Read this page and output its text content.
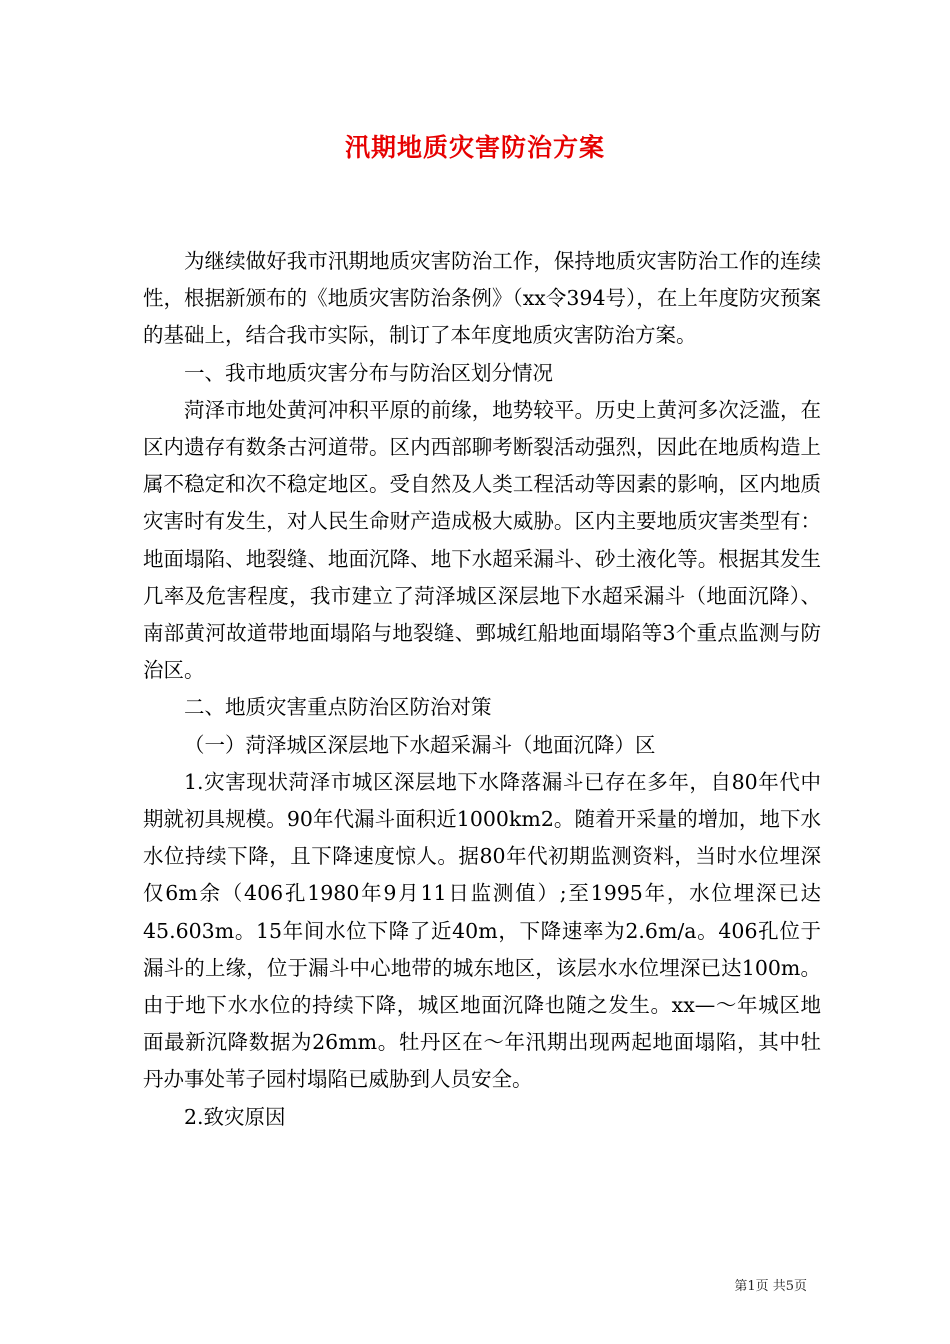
汛期地质灾害防治方案

为继续做好我市汛期地质灾害防治工作，保持地质灾害防治工作的连续性，根据新颁布的《地质灾害防治条例》（xx令394号），在上年度防灾预案的基础上，结合我市实际，制订了本年度地质灾害防治方案。

一、我市地质灾害分布与防治区划分情况

菏泽市地处黄河冲积平原的前缘，地势较平。历史上黄河多次泛滥，在区内遗存有数条古河道带。区内西部聊考断裂活动强烈，因此在地质构造上属不稳定和次不稳定地区。受自然及人类工程活动等因素的影响，区内地质灾害时有发生，对人民生命财产造成极大威胁。区内主要地质灾害类型有：地面塌陷、地裂缝、地面沉降、地下水超采漏斗、砂土液化等。根据其发生几率及危害程度，我市建立了菏泽城区深层地下水超采漏斗（地面沉降）、南部黄河故道带地面塌陷与地裂缝、鄄城红船地面塌陷等3个重点监测与防治区。

二、地质灾害重点防治区防治对策

（一）菏泽城区深层地下水超采漏斗（地面沉降）区

1.灾害现状菏泽市城区深层地下水降落漏斗已存在多年，自80年代中期就初具规模。90年代漏斗面积近1000km2。随着开采量的增加，地下水水位持续下降，且下降速度惊人。据80年代初期监测资料，当时水位埋深仅6m余（406孔1980年9月11日监测值）;至1995年，水位埋深已达45.603m。15年间水位下降了近40m，下降速率为2.6m/a。406孔位于漏斗的上缘，位于漏斗中心地带的城东地区，该层水水位埋深已达100m。由于地下水水位的持续下降，城区地面沉降也随之发生。xx—～年城区地面最新沉降数据为26mm。牡丹区在～年汛期出现两起地面塌陷，其中牡丹办事处苇子园村塌陷已威胁到人员安全。

2.致灾原因

第1页 共5页
